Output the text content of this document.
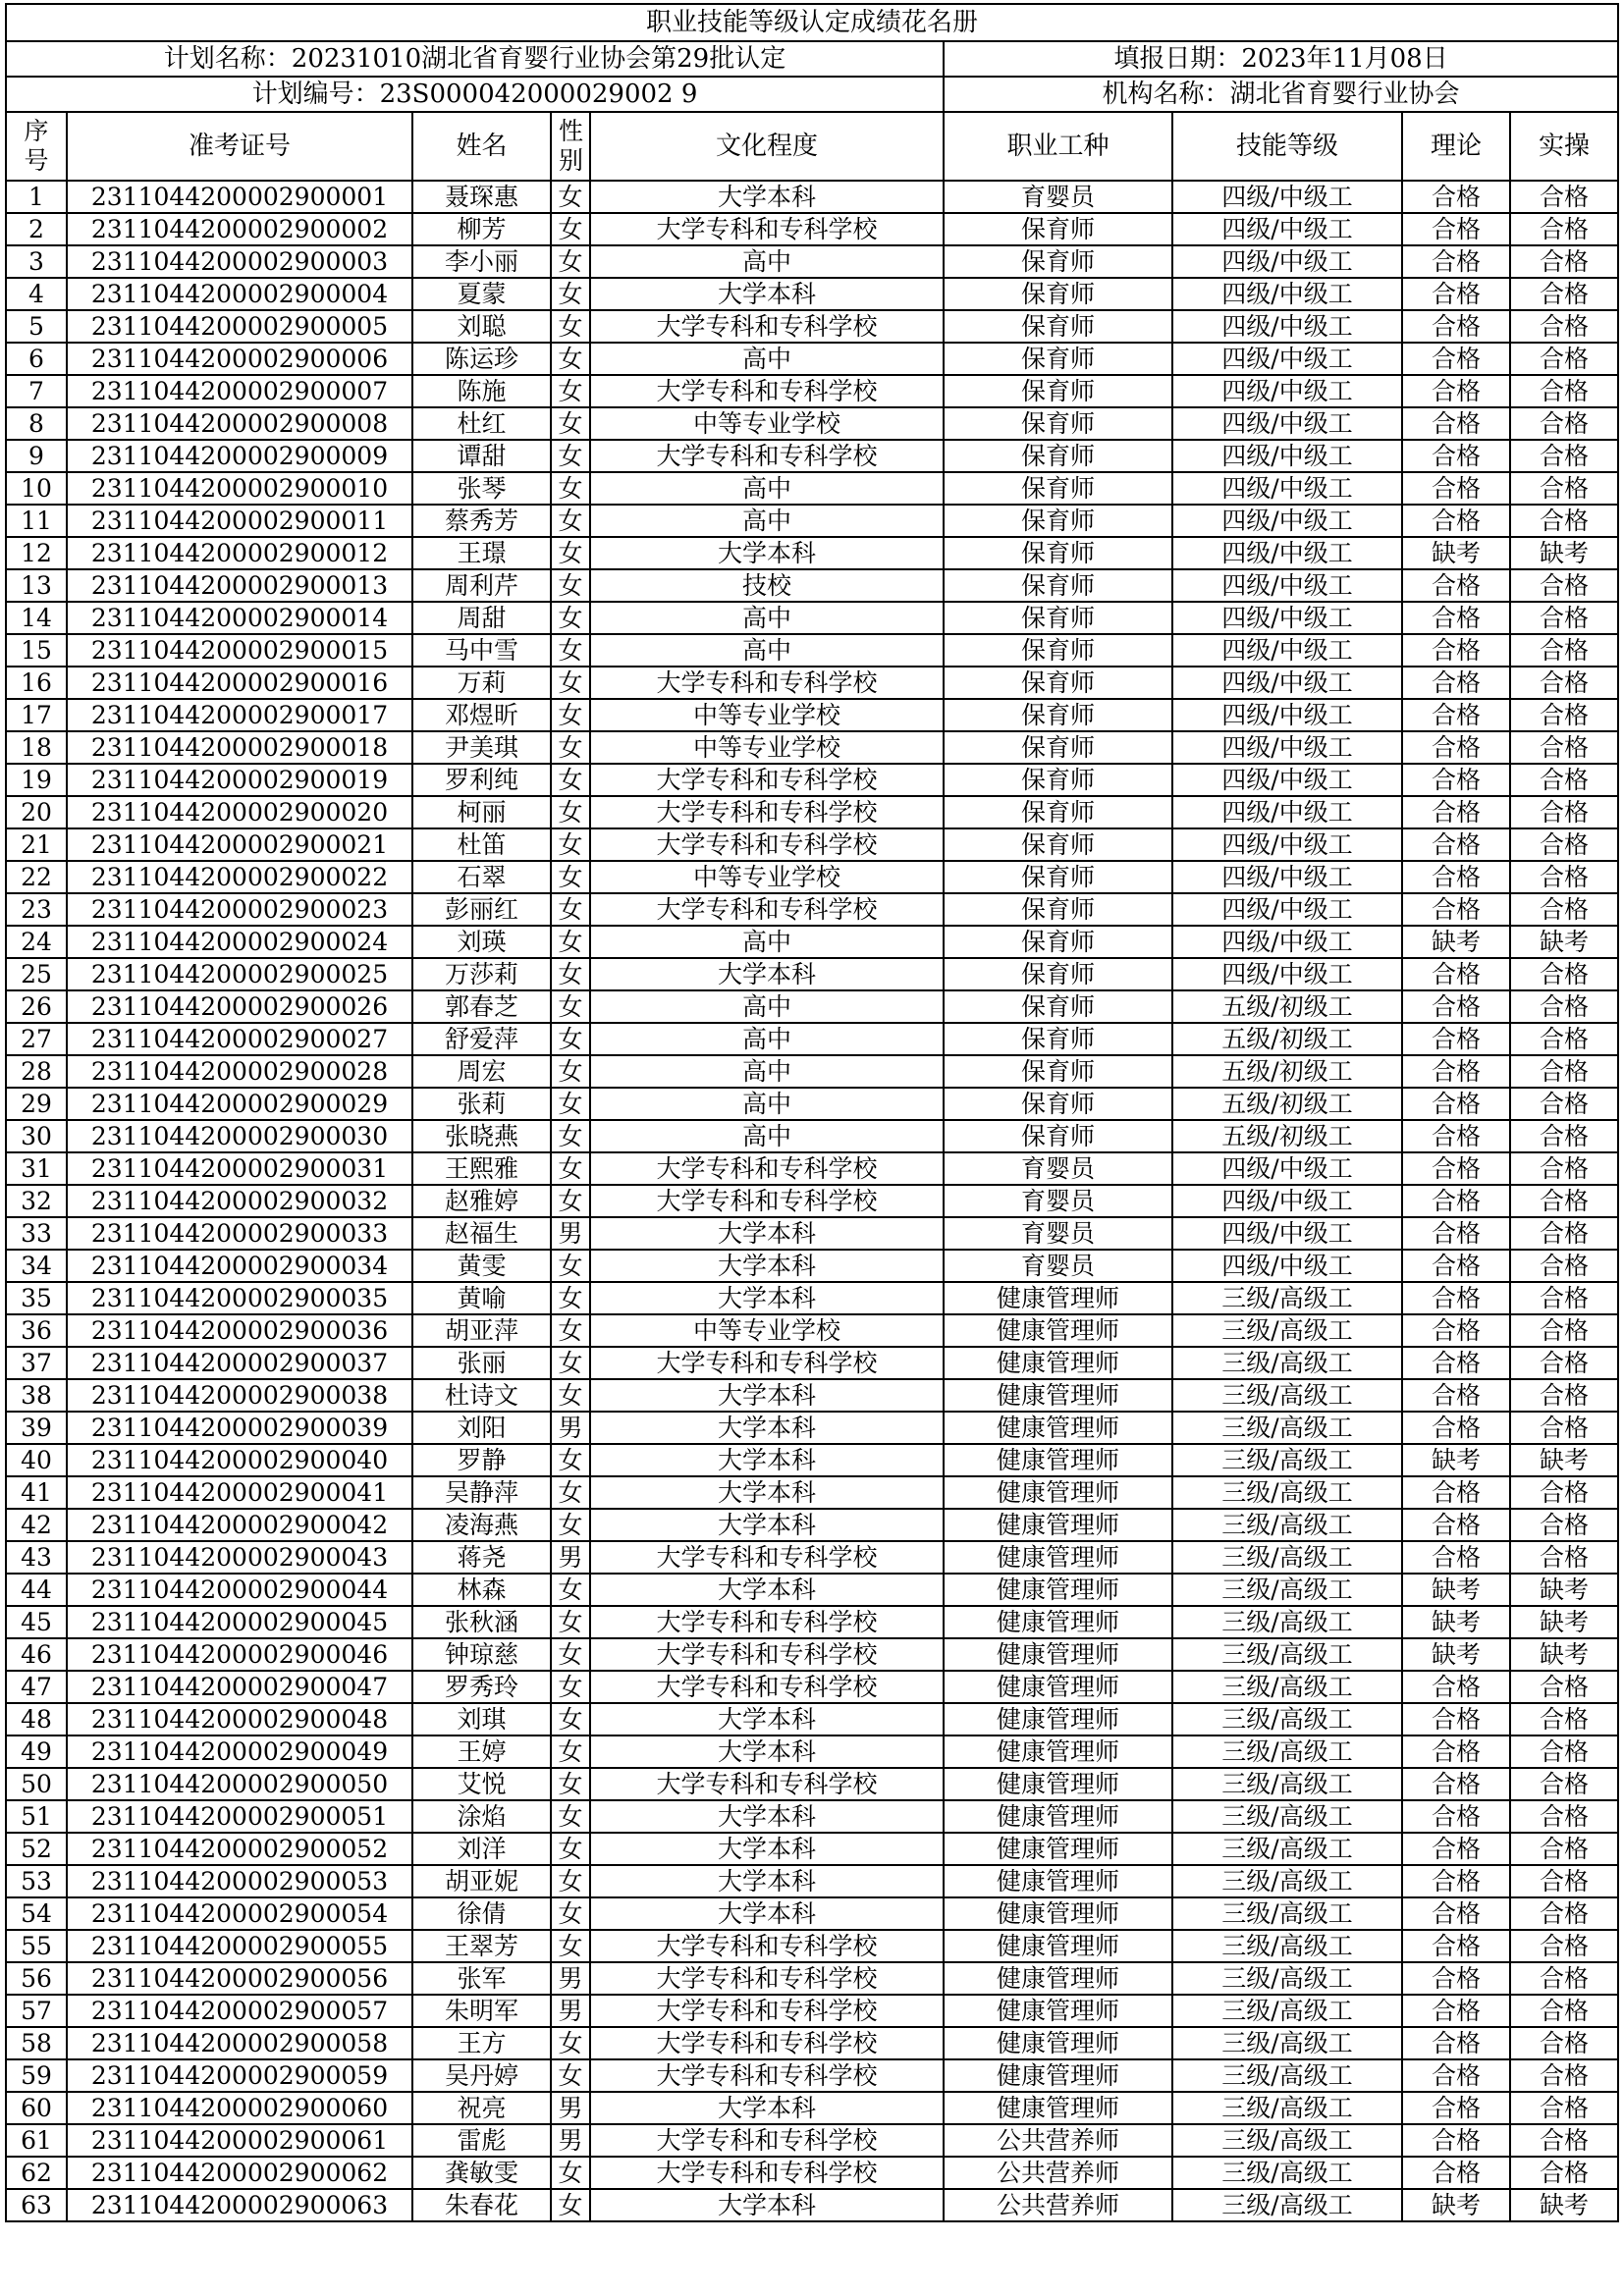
职业技能等级认定成绩花名册								
计划名称：20231010湖北省育婴行业协会第29批认定					填报日期：2023年11月08日			
计划编号：23S000042000029002 9					机构名称：湖北省育婴行业协会			
序号	准考证号	姓名	性别	文化程度	职业工种	技能等级	理论	实操
1	2311044200002900001	聂琛惠	女	大学本科	育婴员	四级/中级工	合格	合格
2	2311044200002900002	柳芳	女	大学专科和专科学校	保育师	四级/中级工	合格	合格
3	2311044200002900003	李小丽	女	高中	保育师	四级/中级工	合格	合格
4	2311044200002900004	夏蒙	女	大学本科	保育师	四级/中级工	合格	合格
5	2311044200002900005	刘聪	女	大学专科和专科学校	保育师	四级/中级工	合格	合格
6	2311044200002900006	陈运珍	女	高中	保育师	四级/中级工	合格	合格
7	2311044200002900007	陈施	女	大学专科和专科学校	保育师	四级/中级工	合格	合格
8	2311044200002900008	杜红	女	中等专业学校	保育师	四级/中级工	合格	合格
9	2311044200002900009	谭甜	女	大学专科和专科学校	保育师	四级/中级工	合格	合格
10	2311044200002900010	张琴	女	高中	保育师	四级/中级工	合格	合格
11	2311044200002900011	蔡秀芳	女	高中	保育师	四级/中级工	合格	合格
12	2311044200002900012	王璟	女	大学本科	保育师	四级/中级工	缺考	缺考
13	2311044200002900013	周利芹	女	技校	保育师	四级/中级工	合格	合格
14	2311044200002900014	周甜	女	高中	保育师	四级/中级工	合格	合格
15	2311044200002900015	马中雪	女	高中	保育师	四级/中级工	合格	合格
16	2311044200002900016	万莉	女	大学专科和专科学校	保育师	四级/中级工	合格	合格
17	2311044200002900017	邓煜昕	女	中等专业学校	保育师	四级/中级工	合格	合格
18	2311044200002900018	尹美琪	女	中等专业学校	保育师	四级/中级工	合格	合格
19	2311044200002900019	罗利纯	女	大学专科和专科学校	保育师	四级/中级工	合格	合格
20	2311044200002900020	柯丽	女	大学专科和专科学校	保育师	四级/中级工	合格	合格
21	2311044200002900021	杜笛	女	大学专科和专科学校	保育师	四级/中级工	合格	合格
22	2311044200002900022	石翠	女	中等专业学校	保育师	四级/中级工	合格	合格
23	2311044200002900023	彭丽红	女	大学专科和专科学校	保育师	四级/中级工	合格	合格
24	2311044200002900024	刘瑛	女	高中	保育师	四级/中级工	缺考	缺考
25	2311044200002900025	万莎莉	女	大学本科	保育师	四级/中级工	合格	合格
26	2311044200002900026	郭春芝	女	高中	保育师	五级/初级工	合格	合格
27	2311044200002900027	舒爱萍	女	高中	保育师	五级/初级工	合格	合格
28	2311044200002900028	周宏	女	高中	保育师	五级/初级工	合格	合格
29	2311044200002900029	张莉	女	高中	保育师	五级/初级工	合格	合格
30	2311044200002900030	张晓燕	女	高中	保育师	五级/初级工	合格	合格
31	2311044200002900031	王熙雅	女	大学专科和专科学校	育婴员	四级/中级工	合格	合格
32	2311044200002900032	赵雅婷	女	大学专科和专科学校	育婴员	四级/中级工	合格	合格
33	2311044200002900033	赵福生	男	大学本科	育婴员	四级/中级工	合格	合格
34	2311044200002900034	黄雯	女	大学本科	育婴员	四级/中级工	合格	合格
35	2311044200002900035	黄喻	女	大学本科	健康管理师	三级/高级工	合格	合格
36	2311044200002900036	胡亚萍	女	中等专业学校	健康管理师	三级/高级工	合格	合格
37	2311044200002900037	张丽	女	大学专科和专科学校	健康管理师	三级/高级工	合格	合格
38	2311044200002900038	杜诗文	女	大学本科	健康管理师	三级/高级工	合格	合格
39	2311044200002900039	刘阳	男	大学本科	健康管理师	三级/高级工	合格	合格
40	2311044200002900040	罗静	女	大学本科	健康管理师	三级/高级工	缺考	缺考
41	2311044200002900041	吴静萍	女	大学本科	健康管理师	三级/高级工	合格	合格
42	2311044200002900042	凌海燕	女	大学本科	健康管理师	三级/高级工	合格	合格
43	2311044200002900043	蒋尧	男	大学专科和专科学校	健康管理师	三级/高级工	合格	合格
44	2311044200002900044	林森	女	大学本科	健康管理师	三级/高级工	缺考	缺考
45	2311044200002900045	张秋涵	女	大学专科和专科学校	健康管理师	三级/高级工	缺考	缺考
46	2311044200002900046	钟琼慈	女	大学专科和专科学校	健康管理师	三级/高级工	缺考	缺考
47	2311044200002900047	罗秀玲	女	大学专科和专科学校	健康管理师	三级/高级工	合格	合格
48	2311044200002900048	刘琪	女	大学本科	健康管理师	三级/高级工	合格	合格
49	2311044200002900049	王婷	女	大学本科	健康管理师	三级/高级工	合格	合格
50	2311044200002900050	艾悦	女	大学专科和专科学校	健康管理师	三级/高级工	合格	合格
51	2311044200002900051	涂焰	女	大学本科	健康管理师	三级/高级工	合格	合格
52	2311044200002900052	刘洋	女	大学本科	健康管理师	三级/高级工	合格	合格
53	2311044200002900053	胡亚妮	女	大学本科	健康管理师	三级/高级工	合格	合格
54	2311044200002900054	徐倩	女	大学本科	健康管理师	三级/高级工	合格	合格
55	2311044200002900055	王翠芳	女	大学专科和专科学校	健康管理师	三级/高级工	合格	合格
56	2311044200002900056	张军	男	大学专科和专科学校	健康管理师	三级/高级工	合格	合格
57	2311044200002900057	朱明军	男	大学专科和专科学校	健康管理师	三级/高级工	合格	合格
58	2311044200002900058	王方	女	大学专科和专科学校	健康管理师	三级/高级工	合格	合格
59	2311044200002900059	吴丹婷	女	大学专科和专科学校	健康管理师	三级/高级工	合格	合格
60	2311044200002900060	祝亮	男	大学本科	健康管理师	三级/高级工	合格	合格
61	2311044200002900061	雷彪	男	大学专科和专科学校	公共营养师	三级/高级工	合格	合格
62	2311044200002900062	龚敏雯	女	大学专科和专科学校	公共营养师	三级/高级工	合格	合格
63	2311044200002900063	朱春花	女	大学本科	公共营养师	三级/高级工	缺考	缺考
